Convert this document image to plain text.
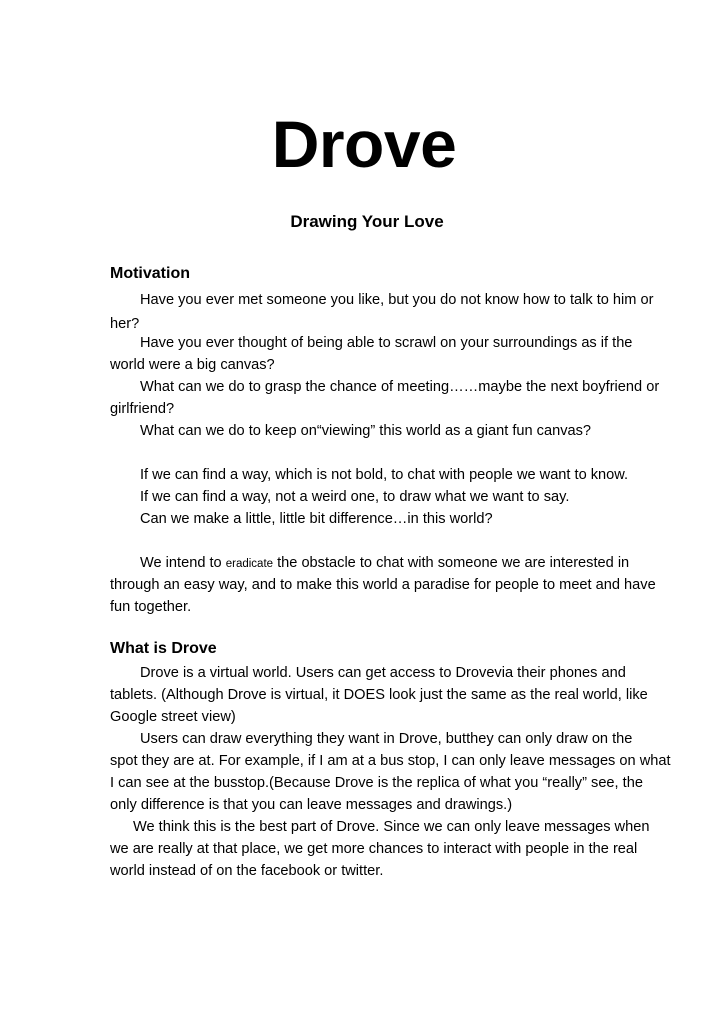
Drove

Drawing Your Love

Motivation

Have you ever met someone you like, but you do not know how to talk to him or

her?

Have you ever thought of being able to scrawl on your surroundings as if the

world were a big canvas?

What can we do to grasp the chance of meeting……maybe the next boyfriend or

girlfriend?

What can we do to keep on“viewing” this world as a giant fun canvas?

If we can find a way, which is not bold, to chat with people we want to know.

If we can find a way, not a weird one, to draw what we want to say.

Can we make a little, little bit difference…in this world?

We intend to eradicate the obstacle to chat with someone we are interested in

through an easy way, and to make this world a paradise for people to meet and have

fun together.

What is Drove

Drove is a virtual world. Users can get access to Drovevia their phones and

tablets. (Although Drove is virtual, it DOES look just the same as the real world, like

Google street view)

Users can draw everything they want in Drove, butthey can only draw on the

spot they are at. For example, if I am at a bus stop, I can only leave messages on what

I can see at the busstop.(Because Drove is the replica of what you “really” see, the

only difference is that you can leave messages and drawings.)

We think this is the best part of Drove. Since we can only leave messages when

we are really at that place, we get more chances to interact with people in the real

world instead of on the facebook or twitter.
